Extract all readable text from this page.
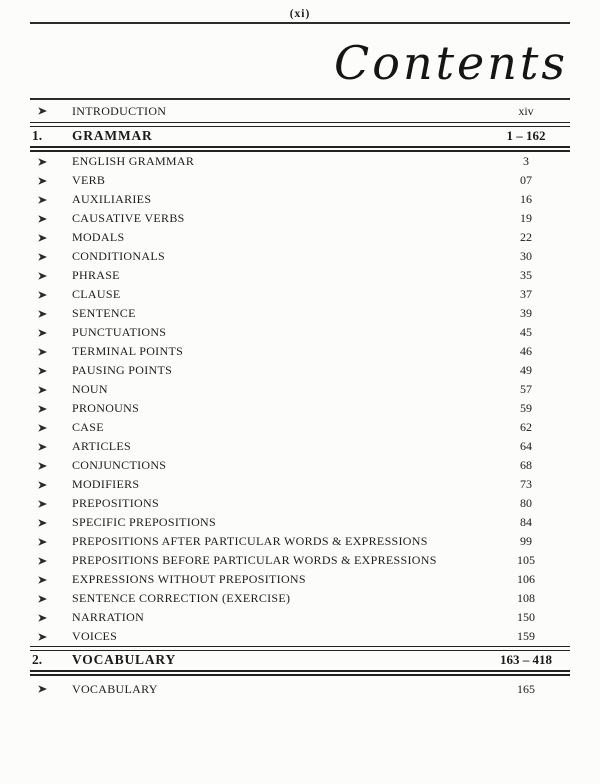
(xi)
Contents
INTRODUCTION	xiv
1.	GRAMMAR	1 – 162
ENGLISH GRAMMAR	3
VERB	07
AUXILIARIES	16
CAUSATIVE VERBS	19
MODALS	22
CONDITIONALS	30
PHRASE	35
CLAUSE	37
SENTENCE	39
PUNCTUATIONS	45
TERMINAL POINTS	46
PAUSING POINTS	49
NOUN	57
PRONOUNS	59
CASE	62
ARTICLES	64
CONJUNCTIONS	68
MODIFIERS	73
PREPOSITIONS	80
SPECIFIC PREPOSITIONS	84
PREPOSITIONS AFTER PARTICULAR WORDS & EXPRESSIONS	99
PREPOSITIONS BEFORE PARTICULAR WORDS & EXPRESSIONS	105
EXPRESSIONS WITHOUT PREPOSITIONS	106
SENTENCE CORRECTION (EXERCISE)	108
NARRATION	150
VOICES	159
2.	VOCABULARY	163 – 418
VOCABULARY	165
